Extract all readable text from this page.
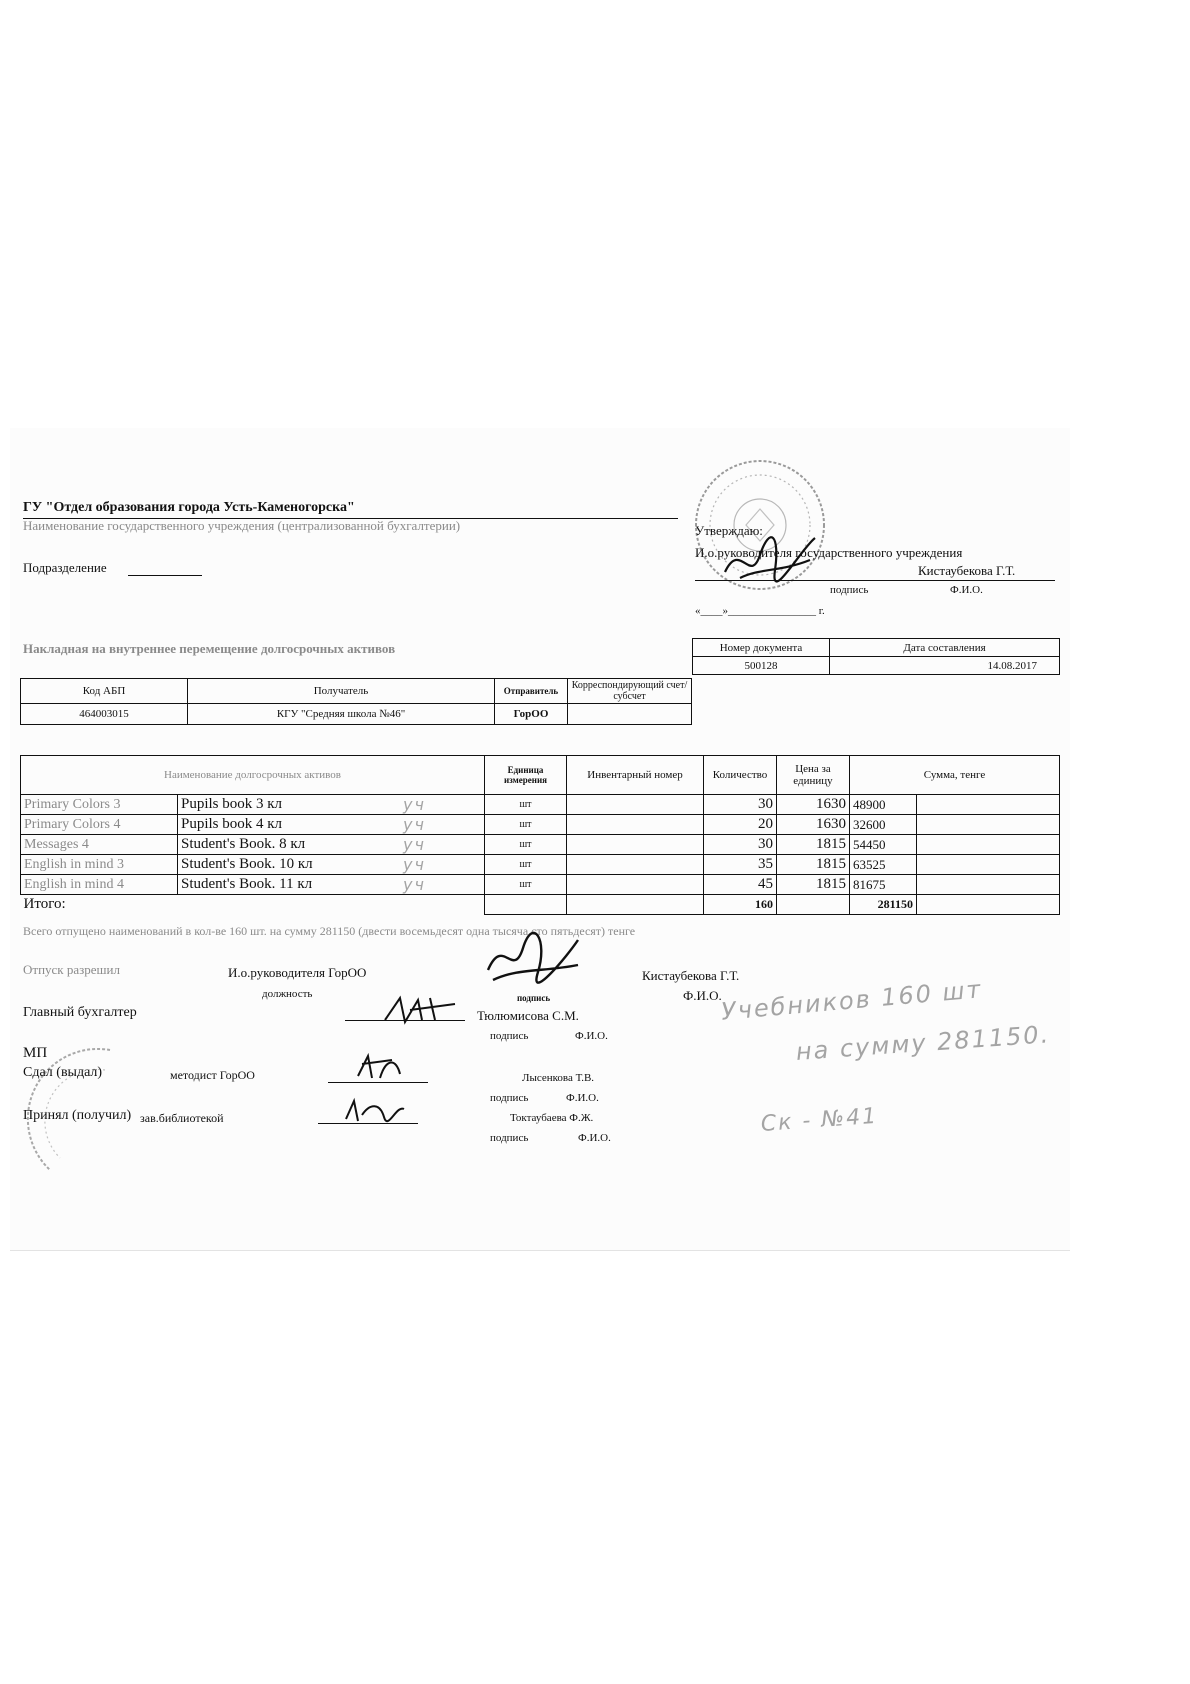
ГУ "Отдел образования города Усть-Каменогорска"
Наименование государственного учреждения (централизованной бухгалтерии)
Подразделение
Утверждаю:
И.о.руководителя государственного учреждения
Кистаубекова Г.Т.
подпись	Ф.И.О.
«____»________________ г.
Накладная на внутреннее перемещение долгосрочных активов	Номер документа	Дата составления
500128	14.08.2017
Код АБП	Получатель	Отправитель	Корреспондирующий счет/субсчет
464003015	КГУ "Средняя школа №46"	ГорОО	
Наименование долгосрочных активов		Единица измерения	Инвентарный номер	Количество	Цена за единицу	Сумма, тенге	
Primary Colors 3	Pupils book 3 кл уч	шт		30	1630	48900	
Primary Colors 4	Pupils book 4 кл уч	шт		20	1630	32600	
Messages 4	Student's Book. 8 кл уч	шт		30	1815	54450	
English in mind 3	Student's Book. 10 кл уч	шт		35	1815	63525	
English in mind 4	Student's Book. 11 кл уч	шт		45	1815	81675	
Итого:				160		281150	
Всего отпущено наименований в кол-ве 160 шт. на сумму 281150 (двести восемьдесят одна тысяча сто пятьдесят) тенге
Отпуск разрешил	И.о.руководителя ГорОО
должность	подпись
Кистаубекова Г.Т.
Ф.И.О.
Главный бухгалтер	Тюлюмисова С.М.
подпись	Ф.И.О.
МП
Сдал (выдал)	методист ГорОО	Лысенкова Т.В.
подпись	Ф.И.О.
Принял (получил) зав.библиотекой	Токтаубаева Ф.Ж.
подпись	Ф.И.О.
Учебников 160 шт
на сумму 281150.
Ск - №41
